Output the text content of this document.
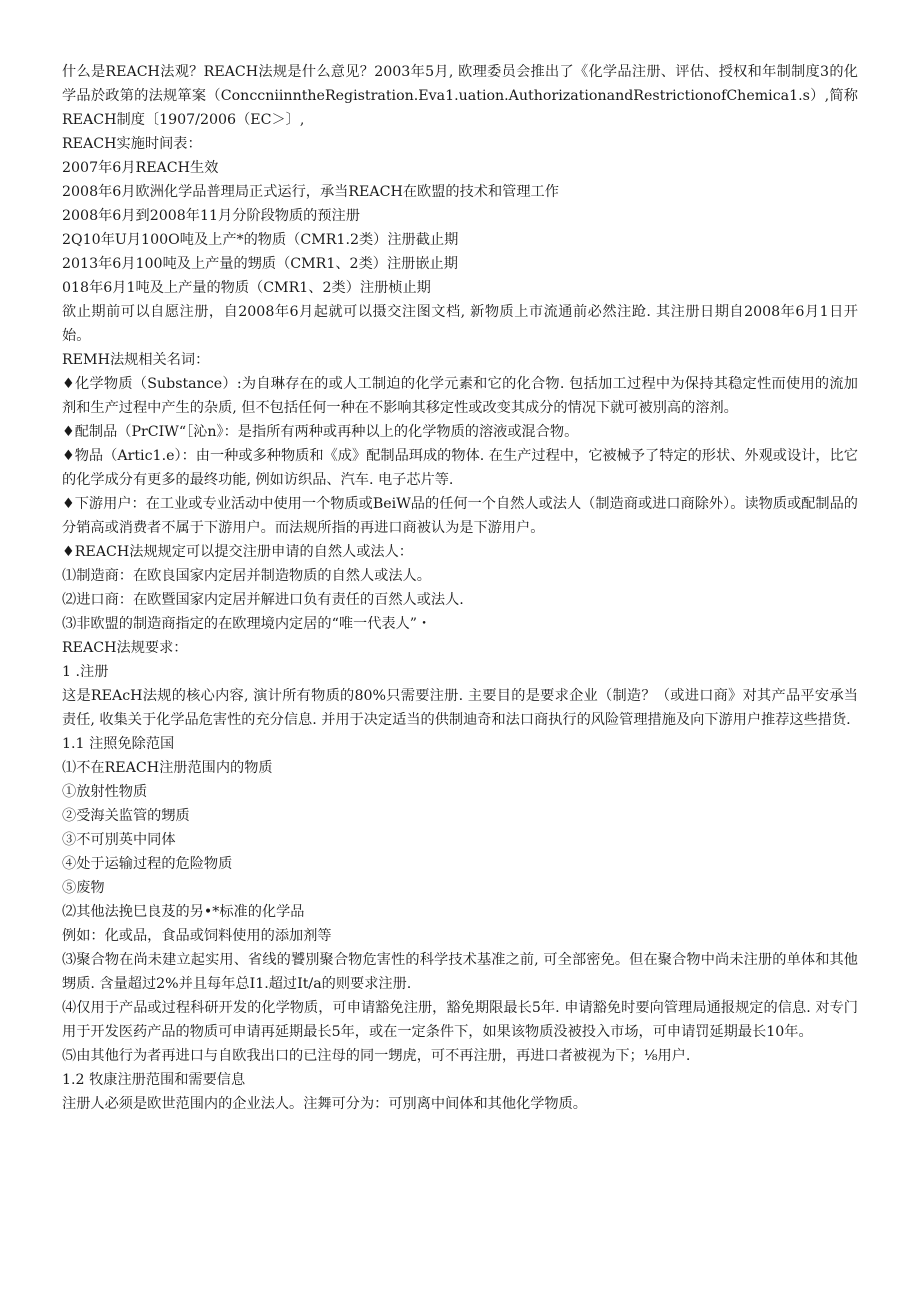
什么是REACH法观？REACH法规是什么意见？2003年5月, 欧理委员会推出了《化学品注册、评估、授权和年制制度3的化学品於政第的法规箪案（Conccniin‬n‬theRegistration.Eva1.uation.AuthorizationandRestrictionofChemica1.s）,简称REACH制度〔1907/2006（EC＞〕,

REACH实施时间表：

2007年6月REACH生效

2008年6月欧洲化学品普理局正式运行，承当REACH在欧盟的技术和管理工作

2008年6月到2008年11月分阶段物质的预注册

2Q10年U月100O吨及上产*的物质（CMR1.2类）注册截止期

2013年6月100吨及上产量的甥质（CMR1、2类）注册嵌止期

018年6月1吨及上产量的物质（CMR1、2类）注册桢止期

欲止期前可以自愿注册，自2008年6月起就可以摄交注图文档, 新物质上市流通前必然注跄. 其注册日期自2008年6月1日开始。

REMH法规相关名词：

♦化学物质（Substance）:为自琳存在的或人工制迫的化学元素和它的化合物. 包括加工过程中为保持其稳定性而使用的流加剂和生产过程中产生的杂质, 但不包括任何一种在不影响其移定性或改变其成分的情况下就可被別高的溶剂。

♦配制品（PrCIW“［沁n》：是指所有两种或再种以上的化学物质的溶液或混合物。

♦物品（Artic1.e）：由一种或多种物质和《成》配制品珥成的物体. 在生产过程中，它被械予了特定的形状、外观或设计，比它的化学成分有更多的最终功能, 例如访织品、汽车. 电子芯片等.

♦下游用户：在工业或专业活动中使用一个物质或BeiW品的任何一个自然人或法人（制造商或进口商除外）。读物质或配制品的分销高或消费者不属于下游用户。而法规所指的再进口商被认为是下游用户。

♦REACH法规规定可以提交注册申请的自然人或法人：

⑴制造商：在欧良国家内定居并制造物质的自然人或法人。

⑵进口商：在欧暨国家内定居并解进口负有责任的百然人或法人.

⑶非欧盟的制造商指定的在欧理境内定居的“唯一代表人”・

REACH法规要求：

1 .注册

这是REAcH法规的核心内容, 演计所有物质的80%只需要注册. 主要目的是要求企业（制造？（或进口商》对其产品平安承当责任, 收集关于化学品危害性的充分信息. 并用于决定适当的供制迪奇和法口商执行的风险管理措施及向下游用户推荐这些措货.

1.1 注照免除范国

⑴不在REACH注册范围内的物质

①放射性物质

②受海关监管的甥质

③不可別英中同体

④处于运输过程的危险物质

⑤废物

⑵其他法挽巳良芨的另•*标准的化学品

例如：化或品，食品或饲料使用的添加剂等

⑶聚合物在尚未建立起实用、省线的饕別聚合物危害性的科学技术基准之前, 可全部密免。但在聚合物中尚未注册的单体和其他甥质. 含量超过2%并且每年总I1.超过It/a的则要求注册.

⑷仅用于产品或过程科研开发的化学物质，可申请豁免注册，豁免期限最长5年. 申请豁免时要向管理局通报规定的信息. 对专门用于开发医药产品的物质可申请再延期最长5年，或在一定条件下，如果该物质没被投入市场，可申请罚延期最长10年。

⑸由其他行为者再进口与自欧我出口的已注母的同一甥虎，可不再注册，再进口者被视为下；⅛用户.

1.2 牧康注册范围和需要信息

注册人必须是欧世范围内的企业法人。注舞可分为：可別离中间体和其他化学物质。
